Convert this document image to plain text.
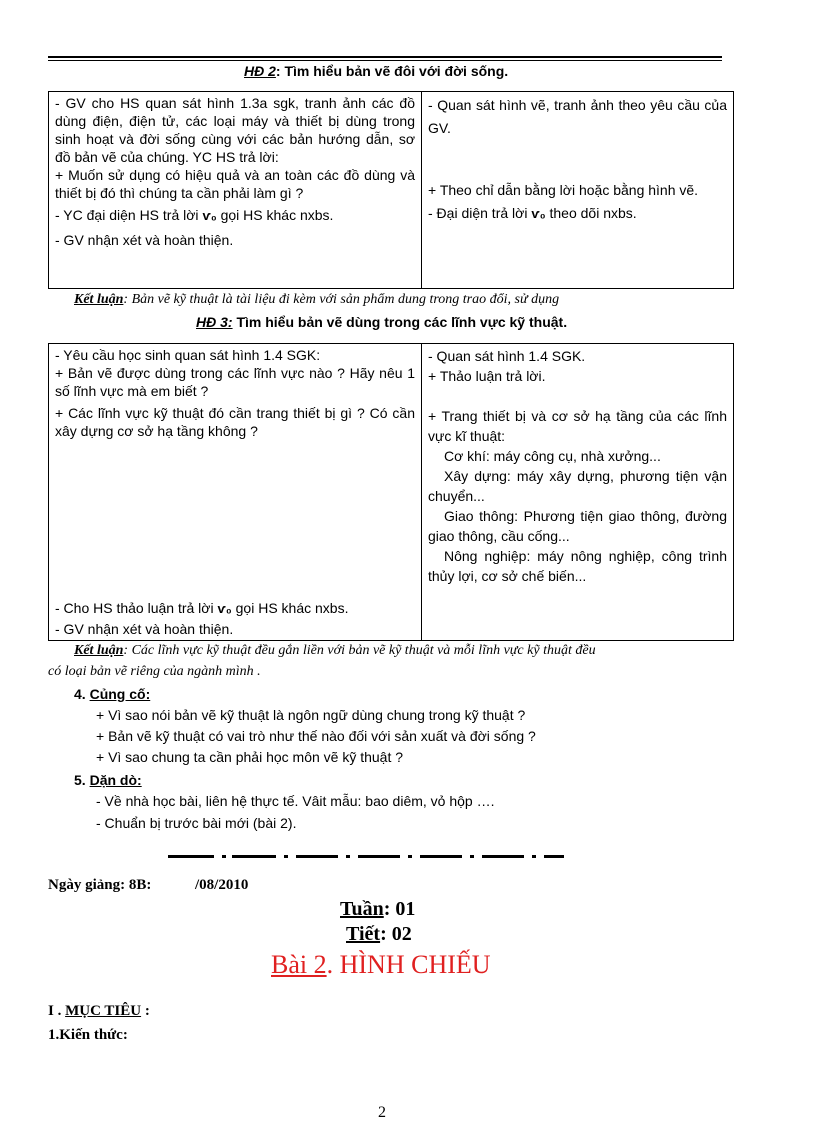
HĐ 2: Tìm hiểu bản vẽ đôi với đời sống.

- GV cho HS quan sát hình 1.3a sgk, tranh ảnh các đồ dùng điện, điện tử, các loại máy và thiết bị dùng trong sinh hoạt và đời sống cùng với các bản hướng dẫn, sơ đồ bản vẽ của chúng. YC HS trả lời:

+ Muốn sử dụng có hiệu quả và an toàn các đồ dùng và thiết bị đó thì chúng ta cần phải làm gì ?

- YC đại diện HS trả lời ѵ₀ gọi HS khác nxbs.

- GV nhận xét và hoàn thiện.

- Quan sát hình vẽ, tranh ảnh theo yêu cầu của GV.

+ Theo chỉ dẫn bằng lời hoặc bằng hình vẽ.

- Đại diện trả lời ѵ₀ theo dõi nxbs.

Kết luận: Bản vẽ kỹ thuật là tài liệu đi kèm với sản phẩm dung trong trao đổi, sử dụng
HĐ 3: Tìm hiểu bản vẽ dùng trong các lĩnh vực kỹ thuật.

- Yêu cầu học sinh quan sát hình 1.4 SGK:

+ Bản vẽ được dùng trong các lĩnh vực nào ? Hãy nêu 1 số lĩnh vực mà em biết ?

+ Các lĩnh vực kỹ thuật đó cần trang thiết bị gì ? Có cần xây dựng cơ sở hạ tầng không ?

- Cho HS thảo luận trả lời ѵ₀ gọi HS khác nxbs.

- GV nhận xét và hoàn thiện.

- Quan sát hình 1.4 SGK.

+ Thảo luận trả lời.

+ Trang thiết bị và cơ sở hạ tầng của các lĩnh vực kĩ thuật:

Cơ khí: máy công cụ, nhà xưởng...

Xây dựng: máy xây dựng, phương tiện vận chuyển...

Giao thông: Phương tiện giao thông, đường giao thông, cầu cống...

Nông nghiệp: máy nông nghiệp, công trình thủy lợi, cơ sở chế biến...

Kết luận: Các lĩnh vực kỹ thuật đều gắn liền với bản vẽ kỹ thuật và mỗi lĩnh vực kỹ thuật đều
có loại bản vẽ riêng của ngành mình .
4. Củng cố:
+ Vì sao nói bản vẽ kỹ thuật là ngôn ngữ dùng chung trong kỹ thuật ?
+ Bản vẽ kỹ thuật có vai trò như thế nào đối với sản xuất và đời sống ?
+ Vì sao chung ta cần phải học môn vẽ kỹ thuật ?
5. Dặn dò:
- Về nhà học bài, liên hệ thực tế. Vâit mẫu: bao diêm, vỏ hộp ….
- Chuẩn bị trước bài mới (bài 2).
Ngày giảng: 8B:	/08/2010
Tuần: 01
Tiết: 02
Bài 2. HÌNH CHIẾU
I . MỤC TIÊU :
1.Kiến thức:
2
